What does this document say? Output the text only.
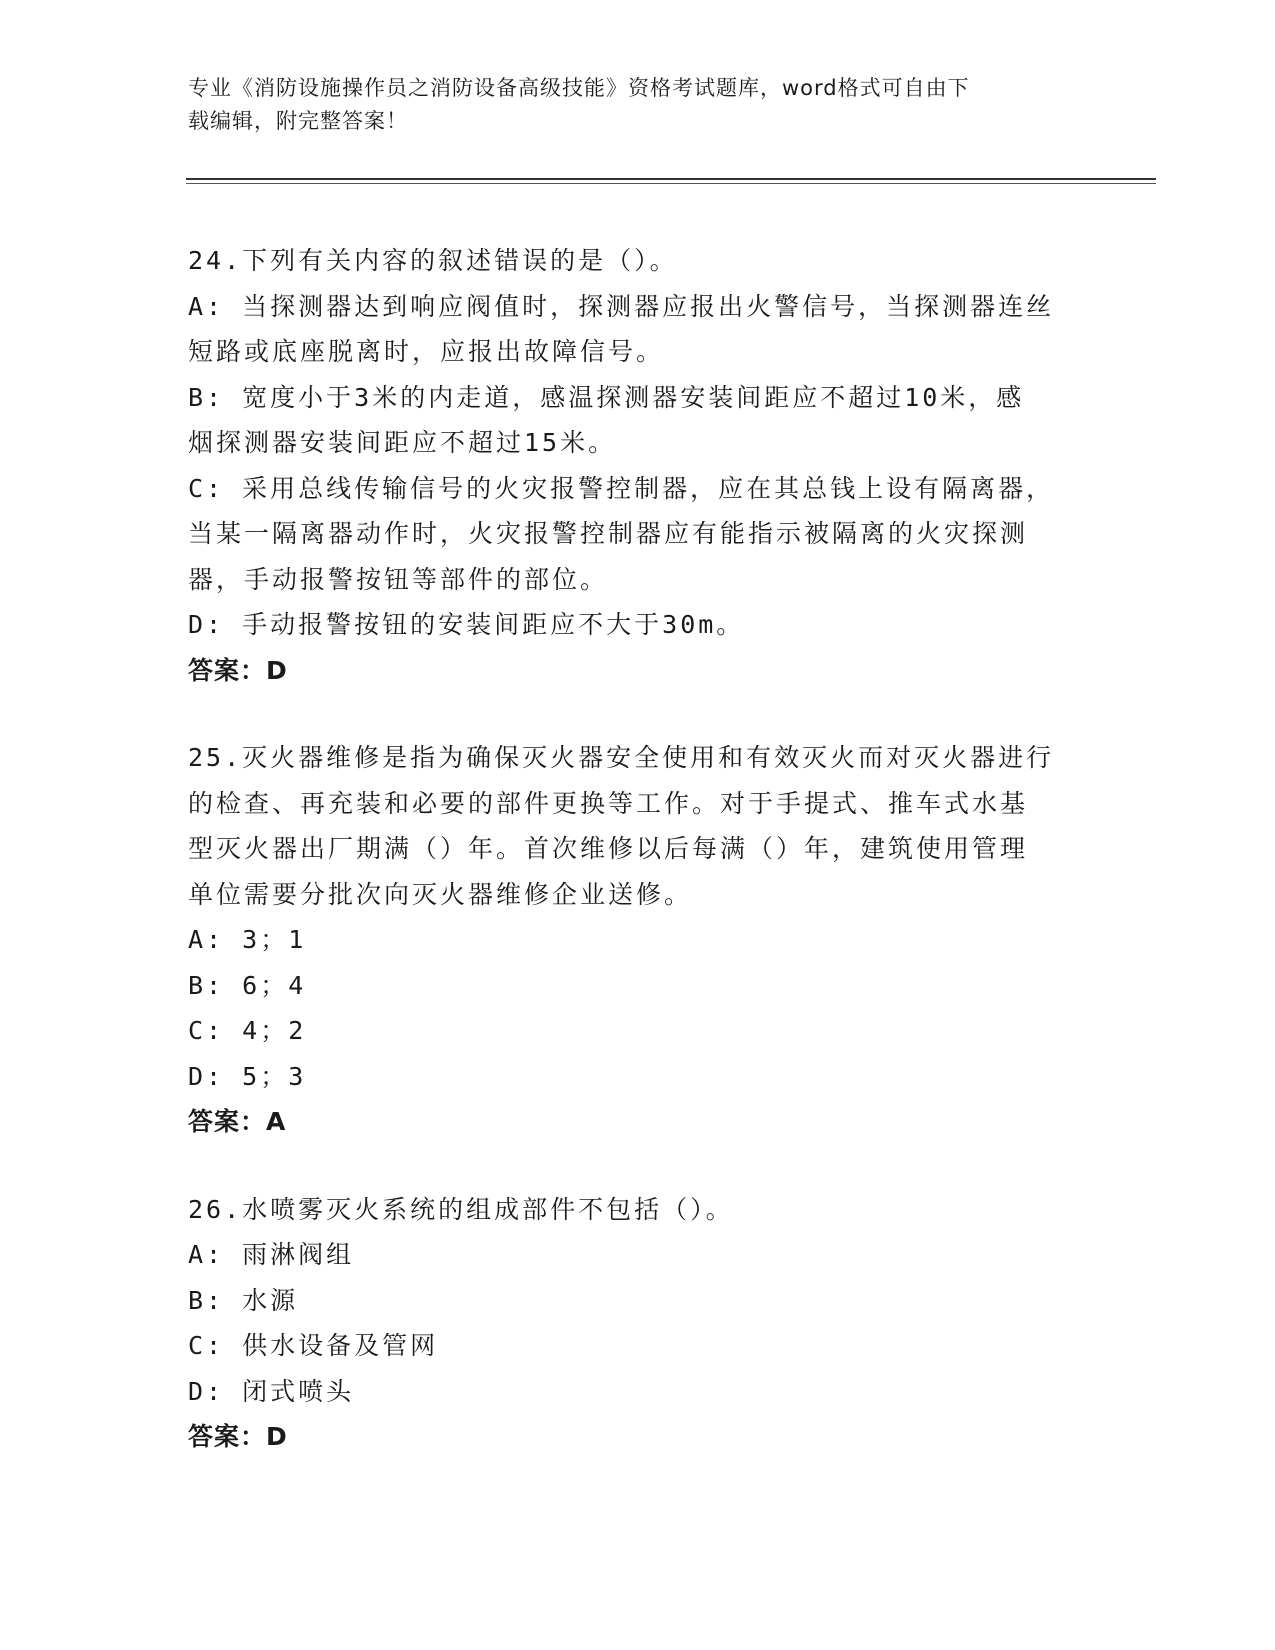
专业《消防设施操作员之消防设备高级技能》资格考试题库，word格式可自由下
载编辑，附完整答案！
24.下列有关内容的叙述错误的是（）。
A: 当探测器达到响应阀值时，探测器应报出火警信号，当探测器连丝
短路或底座脱离时，应报出故障信号。
B: 宽度小于3米的内走道，感温探测器安装间距应不超过10米，感
烟探测器安装间距应不超过15米。
C: 采用总线传输信号的火灾报警控制器，应在其总钱上设有隔离器，
当某一隔离器动作时，火灾报警控制器应有能指示被隔离的火灾探测
器，手动报警按钮等部件的部位。
D: 手动报警按钮的安装间距应不大于30m。
答案：D
25.灭火器维修是指为确保灭火器安全使用和有效灭火而对灭火器进行
的检查、再充装和必要的部件更换等工作。对于手提式、推车式水基
型灭火器出厂期满（）年。首次维修以后每满（）年，建筑使用管理
单位需要分批次向灭火器维修企业送修。
A: 3；1
B: 6；4
C: 4；2
D: 5；3
答案：A
26.水喷雾灭火系统的组成部件不包括（）。
A: 雨淋阀组
B: 水源
C: 供水设备及管网
D: 闭式喷头
答案：D
